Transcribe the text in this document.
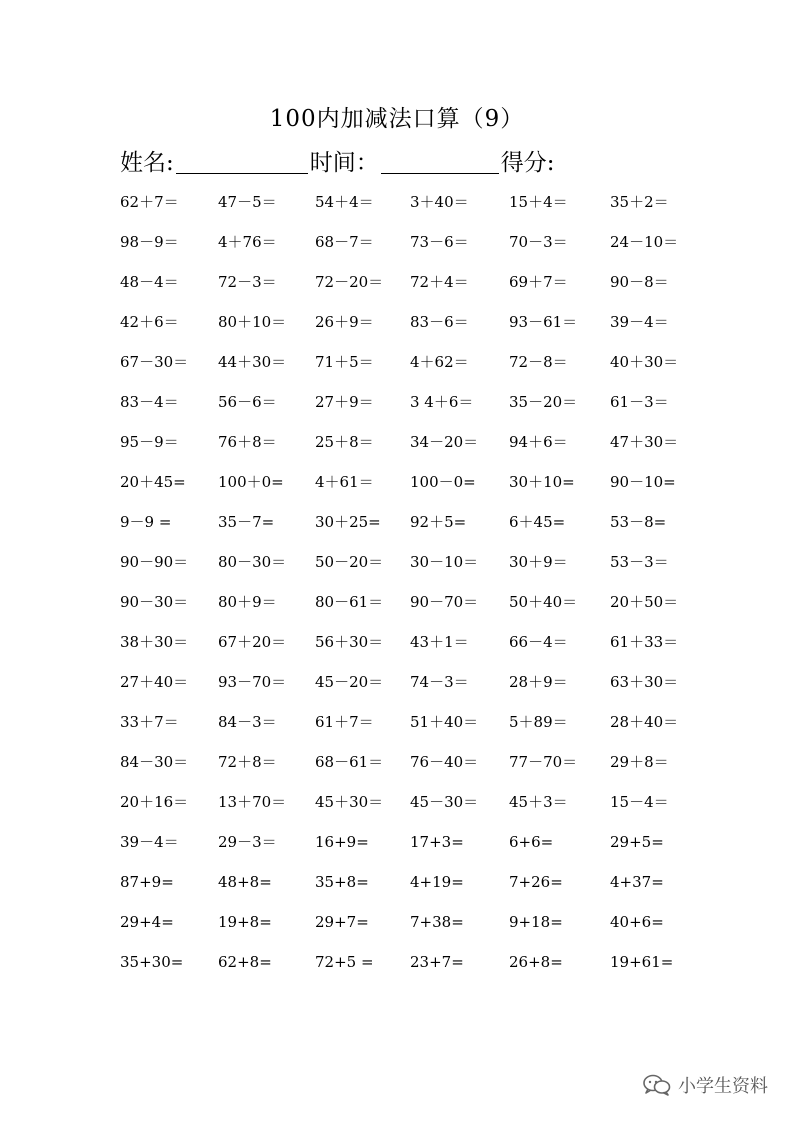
100内加减法口算（9）
姓名:	时间：	得分:
62＋7＝	47－5＝	54＋4＝ 3＋40＝	15＋4＝	35＋2＝
98－9＝	4＋76＝	68－7＝ 73－6＝	70－3＝	24－10＝
48－4＝	72－3＝	72－20＝ 72＋4＝	69＋7＝	90－8＝
42＋6＝	80＋10＝ 26＋9＝ 83－6＝	93－61＝ 39－4＝
67－30＝ 44＋30＝ 71＋5＝ 4＋62＝	72－8＝	40＋30＝
83－4＝	56－6＝	27＋9＝ 3 4＋6＝ 35－20＝ 61－3＝
95－9＝	76＋8＝	25＋8＝ 34－20＝ 94＋6＝	47＋30＝
20＋45= 100＋0= 4＋61＝ 100－0= 30＋10= 90－10=
9－9 =	35－7=	30＋25= 92＋5=	6＋45=	53－8=
90－90＝ 80－30＝ 50－20＝ 30－10＝ 30＋9＝	53－3＝
90－30＝ 80＋9＝	80－61＝ 90－70＝ 50＋40＝ 20＋50＝
38＋30＝ 67＋20＝ 56＋30＝ 43＋1＝	66－4＝	61＋33＝
27＋40＝ 93－70＝ 45－20＝ 74－3＝	28＋9＝	63＋30＝
33＋7＝	84－3＝	61＋7＝ 51＋40＝ 5＋89＝	28＋40＝
84－30＝ 72＋8＝	68－61＝ 76－40＝ 77－70＝ 29＋8＝
20＋16＝ 13＋70＝ 45＋30＝ 45－30＝ 45＋3＝	15－4＝
39－4＝	29－3＝	16+9=	17+3=	6+6=	29+5=
87+9=	48+8=	35+8=	4+19=	7+26=	4+37=
29+4=	19+8=	29+7=	7+38=	9+18=	40+6=
35+30= 62+8=	72+5 = 23+7=	26+8=	19+61=
小学生资料
